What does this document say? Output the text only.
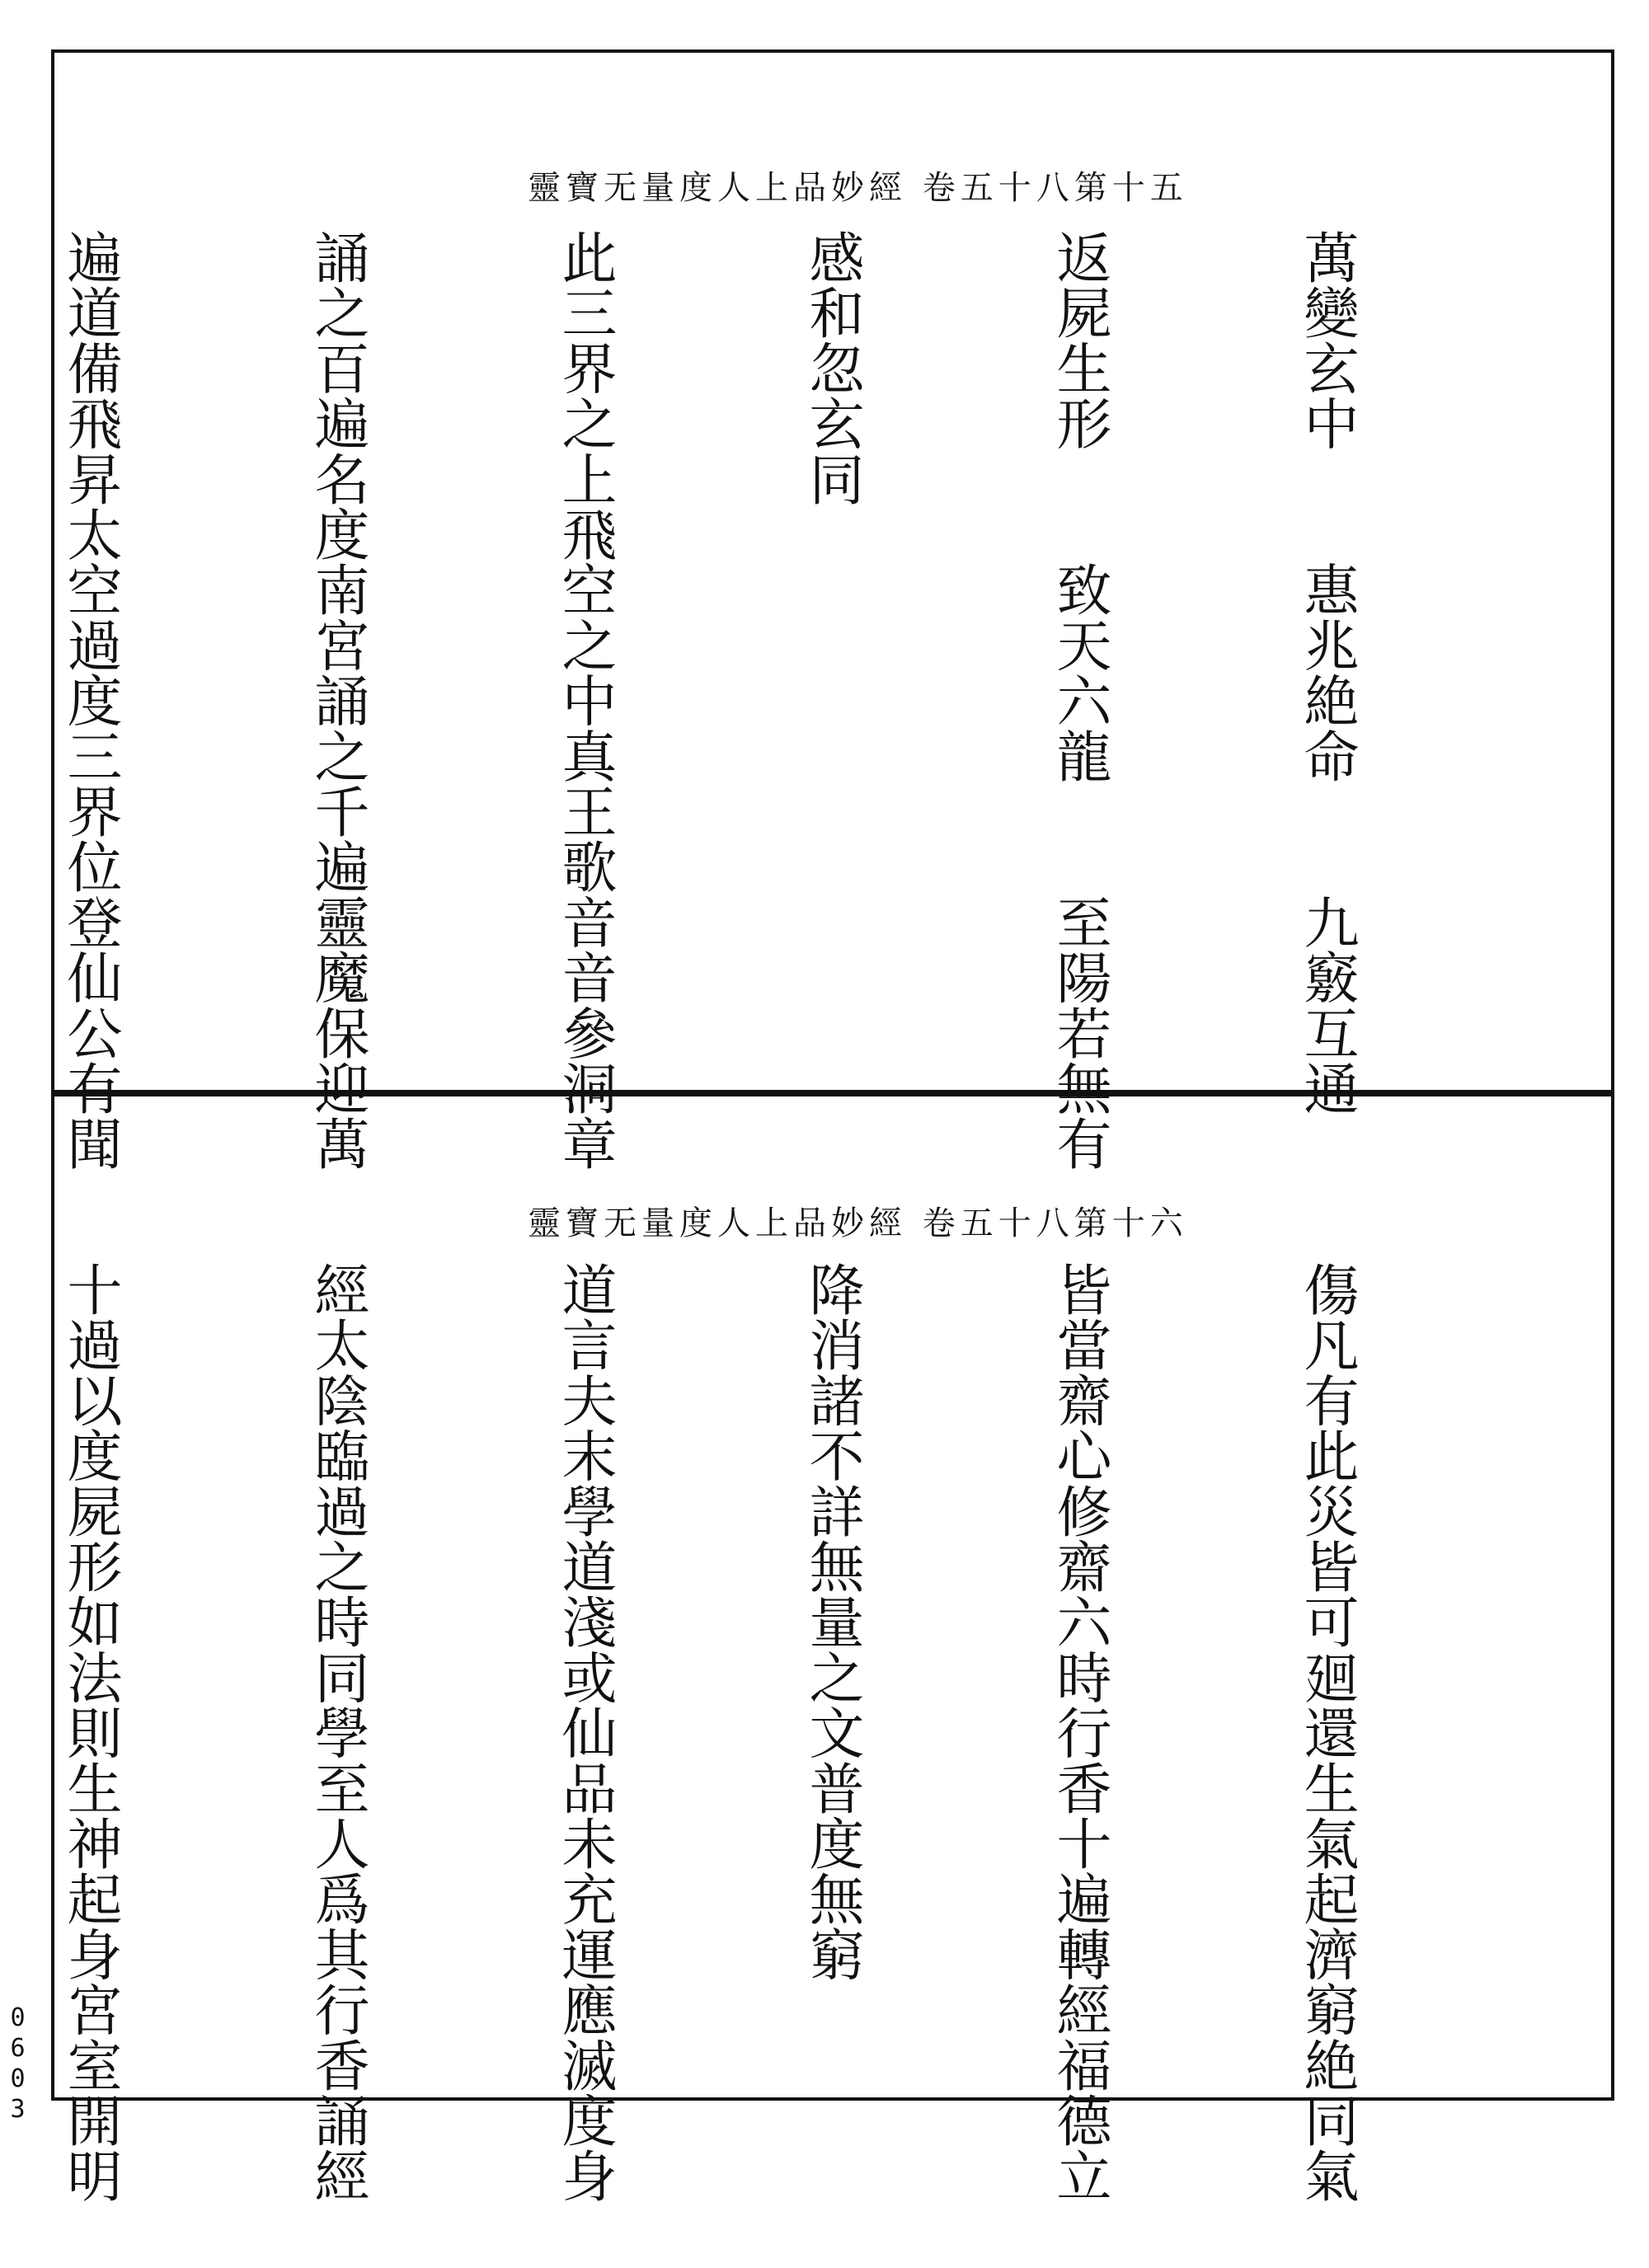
五十第八十五卷 經妙品上人度量无寶靈
六十第八十五卷 經妙品上人度量无寶靈

萬變玄中　　惠兆絶命　　九竅互通

返屍生形　　致天六龍　　至陽若無有

感和忽玄同

此三界之上飛空之中真王歌音音參洞章

誦之百遍名度南宮誦之千遍靈魔保迎萬

遍道備飛昇太空過度三界位登仙公有聞

傷凡有此災皆可廻還生氣起濟窮絶同氣

皆當齋心修齋六時行香十遍轉經福德立

降消諸不詳無量之文普度無窮

道言夫末學道淺或仙品未充運應滅度身

經太陰臨過之時同學至人爲其行香誦經

十過以度屍形如法則生神起身宮室開明

0603
